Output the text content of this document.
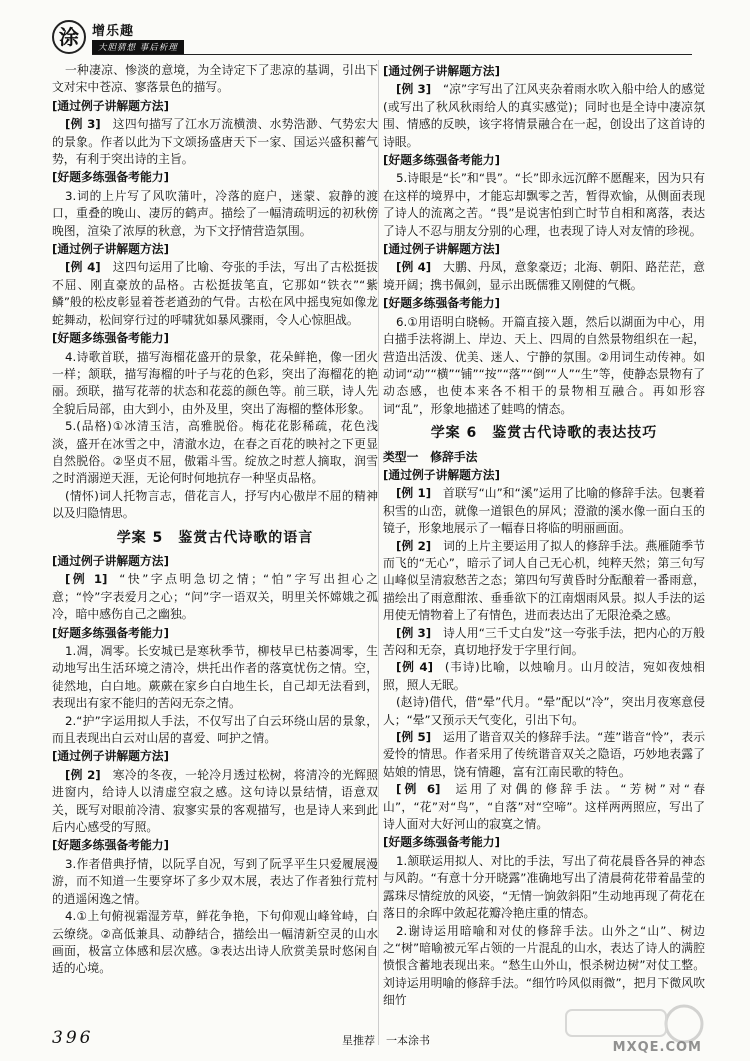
涂	增乐趣
大胆猜想 事后析理

一种凄凉、惨淡的意境，为全诗定下了悲凉的基调，引出下文对宋中苍凉、寥落景色的描写。

[通过例子讲解题方法]

[例 3]  这四句描写了江水万流横溃、水势浩渺、气势宏大的景象。作者以此为下文颂扬盛唐天下一家、国运兴盛积蓄气势，有利于突出诗的主旨。

[好题多练强备考能力]

3.词的上片写了风吹蒲叶，冷落的庭户，迷蒙、寂静的渡口，重叠的晚山、凄厉的鹤声。描绘了一幅清疏明远的初秋傍晚图，渲染了浓厚的秋意，为下文抒情营造氛围。

[通过例子讲解题方法]

[例 4]  这四句运用了比喻、夸张的手法，写出了古松挺拔不屈、刚直豪放的品格。古松挺拔笔直，它那如“铁衣”“紫鳞”般的松皮彰显着苍老遒劲的气骨。古松在风中摇曳宛如像龙蛇舞动，松间穿行过的呼啸犹如暴风骤雨，令人心惊胆战。

[好题多练强备考能力]

4.诗歌首联，描写海榴花盛开的景象，花朵鲜艳，像一团火一样；颔联，描写海榴的叶子与花的色彩，突出了海榴花的艳丽。颈联，描写花蒂的状态和花蕊的颜色等。前三联，诗人先全貌后局部，由大到小，由外及里，突出了海榴的整体形象。

5.(品格)①冰清玉洁，高雅脱俗。梅花花影稀疏，花色浅淡，盛开在冰雪之中，清澈水边，在春之百花的映衬之下更显自然脱俗。②坚贞不屈，傲霜斗雪。绽放之时惹人摘取，润雪之时消溺逆天涯，无论何时何地抗存一种坚贞品格。

(情怀)词人托物言志，借花言人，抒写内心傲岸不屈的精神以及归隐情思。

学案 5　鉴赏古代诗歌的语言

[通过例子讲解题方法]

[例 1]  “快”字点明急切之情；“怕”字写出担心之意；“怜”字表爱月之心；“问”字一语双关，明里关怀嫦娥之孤冷，暗中感伤自己之幽独。

[好题多练强备考能力]

1.凋，凋零。长安城已是寒秋季节，柳枝早已枯萎凋零，生动地写出生活环境之清冷，烘托出作者的落寞忧伤之情。空，徒然地，白白地。蕨蕨在家乡白白地生长，自己却无法看到，表现出有家不能归的苦闷无奈之情。

2.“护”字运用拟人手法，不仅写出了白云环绕山居的景象，而且表现出白云对山居的喜爱、呵护之情。

[通过例子讲解题方法]

[例 2]  寒冷的冬夜，一轮冷月透过松树，将清冷的光辉照进窗内，给诗人以清虚空寂之感。这句诗以景结情，语意双关，既写对眼前冷清、寂寥实景的客观描写，也是诗人来到此后内心感受的写照。

[好题多练强备考能力]

3.作者借典抒情，以阮孚自况，写到了阮孚平生只爱履展漫游，而不知道一生要穿坏了多少双木展，表达了作者独行荒村的逍遥闲逸之情。

4.①上句俯视霜湿芳草，鲜花争艳，下句仰观山峰耸峙，白云缭绕。②高低兼具、动静结合，描绘出一幅清新空灵的山水画面，极富立体感和层次感。③表达出诗人欣赏美景时悠闲自适的心境。

[通过例子讲解题方法]

[例 3]  “凉”字写出了江风夹杂着雨水吹入船中给人的感觉(或写出了秋风秋雨给人的真实感觉)；同时也是全诗中凄凉氛围、情感的反映，该字将情景融合在一起，创设出了这首诗的诗眼。

[好题多练强备考能力]

5.诗眼是“长”和“畏”。“长”即永远沉醉不愿醒来，因为只有在这样的境界中，才能忘却飘零之苦，暂得欢愉，从侧面表现了诗人的流离之苦。“畏”是说害怕到亡时节自相和离落，表达了诗人不忍与朋友分别的心理，也表现了诗人对友情的珍视。

[通过例子讲解题方法]

[例 4]  大鹏、丹凤，意象豪迈；北海、朝阳、路茫茫，意境开阔；携书佩剑，显示出既儒雅又刚健的气概。

[好题多练强备考能力]

6.①用语明白晓畅。开篇直接入题，然后以湖面为中心，用白描手法将湖上、岸边、天上、四周的自然景物组织在一起，营造出活泼、优美、迷人、宁静的氛围。②用词生动传神。如动词“动”“横”“铺”“按”“落”“倒”“人”“生”等，使静态景物有了动态感，也使本来各不相干的景物相互融合。再如形容词“乱”，形象地描述了蛙鸣的情态。

学案 6　鉴赏古代诗歌的表达技巧

类型一　修辞手法

[通过例子讲解题方法]

[例 1]  首联写“山”和“溪”运用了比喻的修辞手法。包裹着积雪的山峦，就像一道银色的屏风；澄澈的溪水像一面白玉的镜子，形象地展示了一幅春日将临的明丽画面。

[例 2]  词的上片主要运用了拟人的修辞手法。燕雁随季节而飞的“无心”，暗示了词人自己无心机，纯粹天然；第三句写山峰似呈清寂愁苦之态；第四句写黄昏时分酝酿着一番雨意，描绘出了雨意酣浓、垂垂欲下的江南烟雨风景。拟人手法的运用使无情物着上了有情色，进而表达出了无限沧桑之感。

[例 3]  诗人用“三千丈白发”这一夸张手法，把内心的万般苦闷和无奈，真切地抒发于字里行间。

[例 4]  (韦诗)比喻，以烛喻月。山月皎洁，宛如夜烛相照，照人无眠。

(赵诗)借代，借“晕”代月。“晕”配以“冷”，突出月夜寒意侵人；“晕”又预示天气变化，引出下句。

[例 5]  运用了谐音双关的修辞手法。“莲”谐音“怜”，表示爱怜的情思。作者采用了传统谐音双关之隐语，巧妙地表露了姑娘的情思，饶有情趣，富有江南民歌的特色。

[例 6]  运用了对偶的修辞手法。“芳树”对“春山”，“花”对“鸟”，“自落”对“空啼”。这样两两照应，写出了诗人面对大好河山的寂寞之情。

[好题多练强备考能力]

1.颔联运用拟人、对比的手法，写出了荷花晨昏各异的神态与风韵。“有意十分开晓露”准确地写出了清晨荷花带着晶莹的露珠尽情绽放的风姿，“无情一饷敛斜阳”生动地再现了荷花在落日的余晖中敛起花瓣冷艳庄重的情态。

2.谢诗运用暗喻和对仗的修辞手法。山外之“山”、树边之“树”暗喻被元军占领的一片混乱的山水，表达了诗人的满腔愤恨含蓄地表现出来。“愁生山外山，恨杀树边树”对仗工整。刘诗运用明喻的修辞手法。“细竹吟风似雨微”，把月下微风吹细竹

396	星推荐　一本涂书	MXQE.COM
